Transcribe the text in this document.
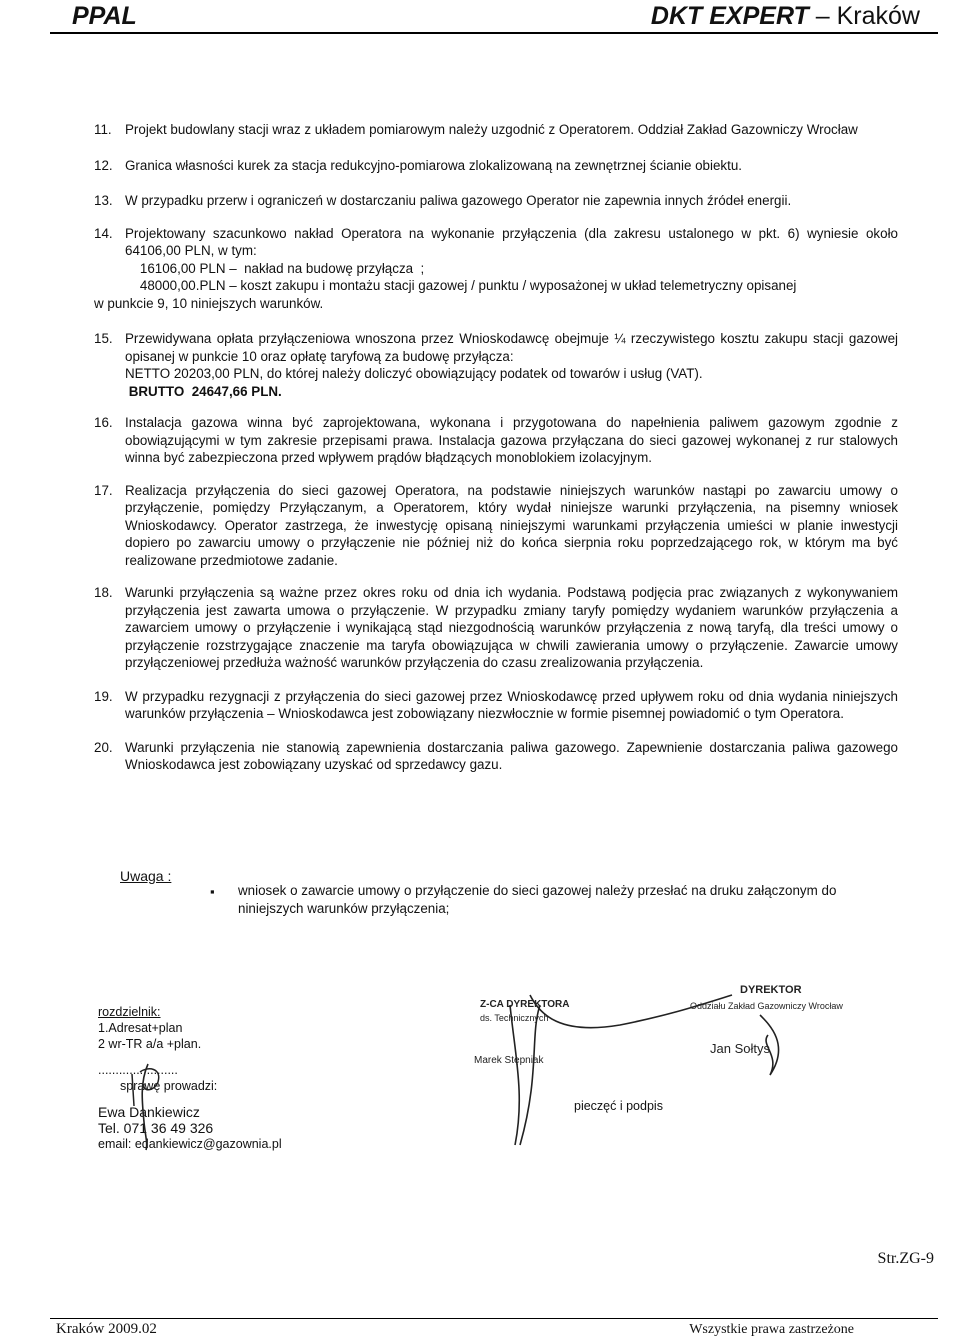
PPAL	DKT EXPERT – Kraków
11. Projekt budowlany stacji wraz z układem pomiarowym należy uzgodnić z Operatorem. Oddział Zakład Gazowniczy Wrocław
12. Granica własności kurek za stacja redukcyjno-pomiarowa zlokalizowaną na zewnętrznej ścianie obiektu.
13. W przypadku przerw i ograniczeń w dostarczaniu paliwa gazowego Operator nie zapewnia innych źródeł energii.
14. Projektowany szacunkowo nakład Operatora na wykonanie przyłączenia (dla zakresu ustalonego w pkt. 6) wyniesie około 64106,00 PLN, w tym:
16106,00 PLN –  nakład na budowę przyłącza  ;
48000,00.PLN – koszt zakupu i montażu stacji gazowej / punktu / wyposażonej w układ telemetryczny opisanej
w punkcie 9, 10 niniejszych warunków.
15. Przewidywana opłata przyłączeniowa wnoszona przez Wnioskodawcę obejmuje ¼ rzeczywistego kosztu zakupu stacji gazowej opisanej w punkcie 10 oraz opłatę taryfową za budowę przyłącza:
NETTO 20203,00 PLN, do której należy doliczyć obowiązujący podatek od towarów i usług (VAT).
BRUTTO  24647,66 PLN.
16. Instalacja gazowa winna być zaprojektowana, wykonana i przygotowana do napełnienia paliwem gazowym zgodnie z obowiązującymi w tym zakresie przepisami prawa. Instalacja gazowa przyłączana do sieci gazowej wykonanej z rur stalowych winna być zabezpieczona przed wpływem prądów błądzących monoblokiem izolacyjnym.
17. Realizacja przyłączenia do sieci gazowej Operatora, na podstawie niniejszych warunków nastąpi po zawarciu umowy o przyłączenie, pomiędzy Przyłączanym, a Operatorem, który wydał niniejsze warunki przyłączenia, na pisemny wniosek Wnioskodawcy. Operator zastrzega, że inwestycję opisaną niniejszymi warunkami przyłączenia umieści w planie inwestycji dopiero po zawarciu umowy o przyłączenie nie później niż do końca sierpnia roku poprzedzającego rok, w którym ma być realizowane przedmiotowe zadanie.
18. Warunki przyłączenia są ważne przez okres roku od dnia ich wydania. Podstawą podjęcia prac związanych z wykonywaniem przyłączenia jest zawarta umowa o przyłączenie. W przypadku zmiany taryfy pomiędzy wydaniem warunków przyłączenia a zawarciem umowy o przyłączenie i wynikającą stąd niezgodnością warunków przyłączenia z nową taryfą, dla treści umowy o przyłączenie rozstrzygające znaczenie ma taryfa obowiązująca w chwili zawierania umowy o przyłączenie. Zawarcie umowy przyłączeniowej przedłuża ważność warunków przyłączenia do czasu zrealizowania przyłączenia.
19. W przypadku rezygnacji z przyłączenia do sieci gazowej przez Wnioskodawcę przed upływem roku od dnia wydania niniejszych warunków przyłączenia – Wnioskodawca jest zobowiązany niezwłocznie w formie pisemnej powiadomić o tym Operatora.
20. Warunki przyłączenia nie stanowią zapewnienia dostarczania paliwa gazowego. Zapewnienie dostarczania paliwa gazowego Wnioskodawca jest zobowiązany uzyskać od sprzedawcy gazu.
Uwaga :
▪ wniosek o zawarcie umowy o przyłączenie do sieci gazowej należy przesłać na druku załączonym do niniejszych warunków przyłączenia;
rozdzielnik:
1.Adresat+plan
2 wr-TR a/a +plan.
.......................
sprawę prowadzi:
Ewa Dankiewicz
Tel. 071 36 49 326
email: edankiewicz@gazownia.pl
DYREKTOR
Oddziału Zakład Gazowniczy Wrocław
Jan Sołtys
Z-CA DYREKTORA
ds. Technicznych
Marek Stępniak
pieczęć i podpis
Str.ZG-9
Kraków 2009.02	Wszystkie prawa zastrzeżone
